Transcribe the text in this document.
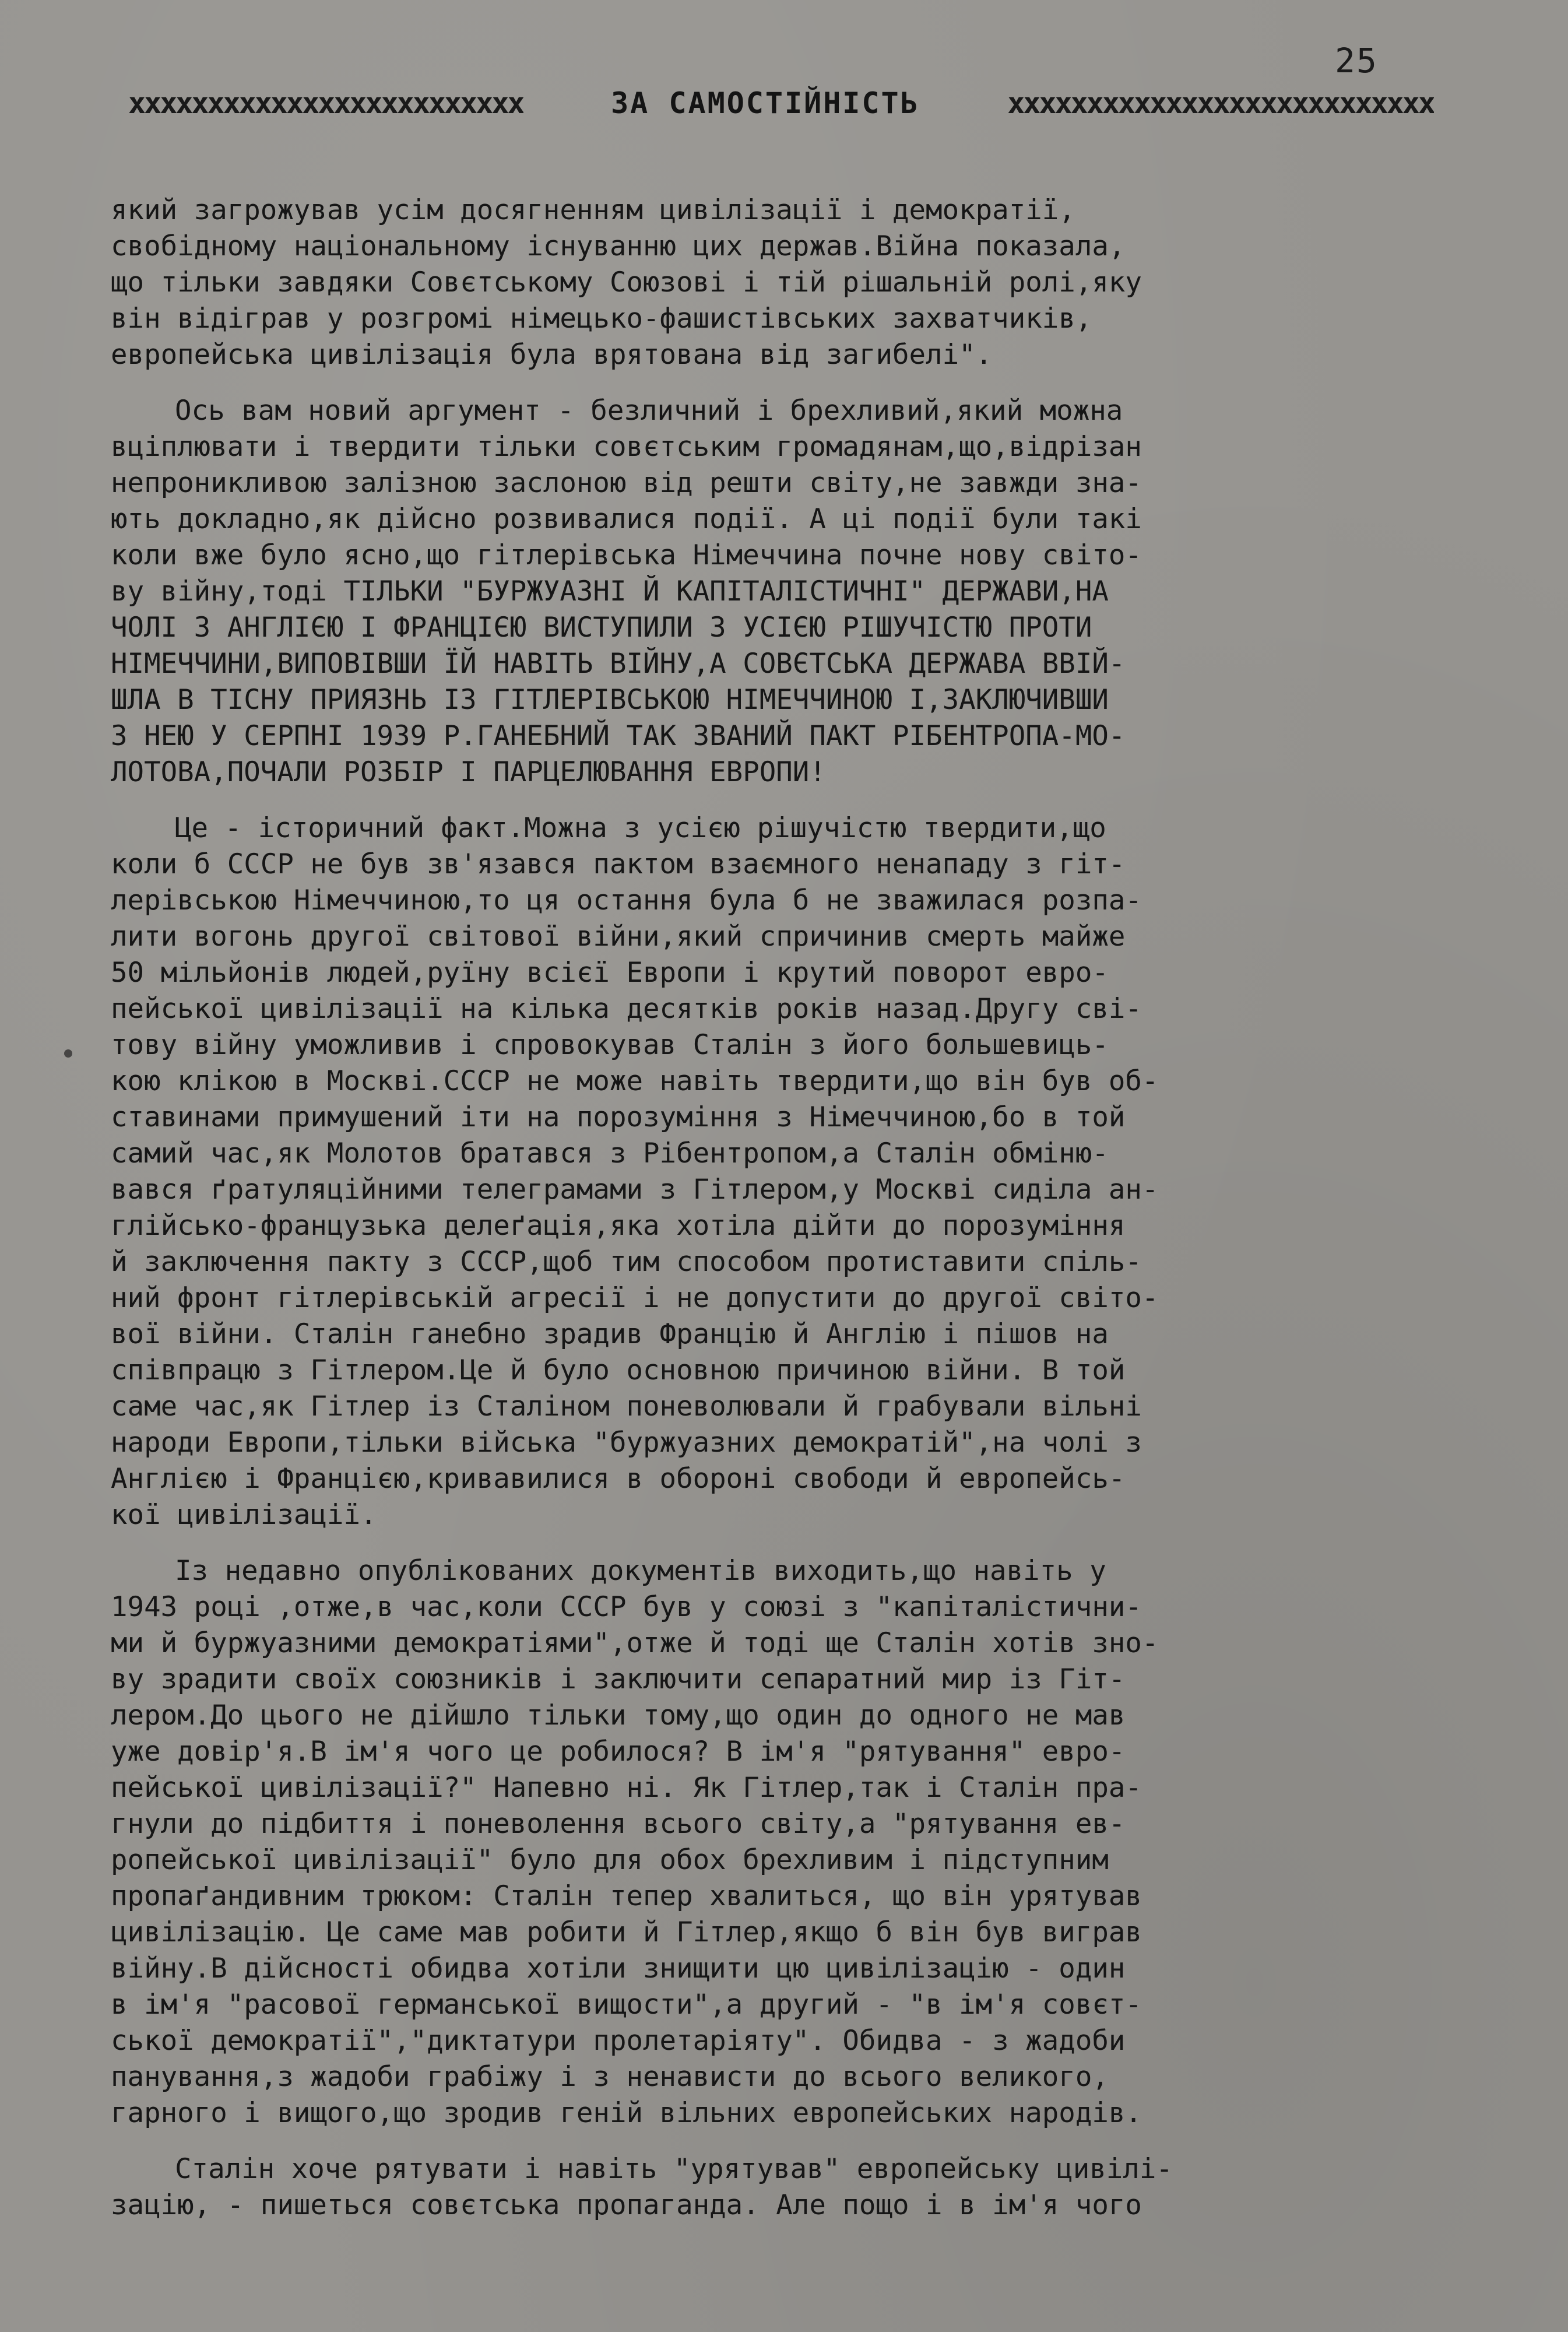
25
xxxxxxxxxxxxxxxxxxxxxxxxx	ЗА САМОСТІЙНІСТЬ	xxxxxxxxxxxxxxxxxxxxxxxxxxx
який загрожував усім досягненням цивілізації і демократії,
свобідному національному існуванню цих держав.Війна показала,
що тільки завдяки Совєтському Союзові і тій рішальній ролі,яку
він відіграв у розгромі німецько-фашистівських захватчиків,
европейська цивілізація була врятована від загибелі".
Ось вам новий аргумент - безличний і брехливий,який можна
вціплювати і твердити тільки совєтським громадянам,що,відрізан
непроникливою залізною заслоною від решти світу,не завжди зна-
ють докладно,як дійсно розвивалися події. А ці події були такі
коли вже було ясно,що гітлерівська Німеччина почне нову світо-
ву війну,тоді ТІЛЬКИ "БУРЖУАЗНІ Й КАПІТАЛІСТИЧНІ" ДЕРЖАВИ,НА
ЧОЛІ З АНГЛІЄЮ І ФРАНЦІЄЮ ВИСТУПИЛИ З УСІЄЮ РІШУЧІСТЮ ПРОТИ
НІМЕЧЧИНИ,ВИПОВІВШИ ЇЙ НАВІТЬ ВІЙНУ,А СОВЄТСЬКА ДЕРЖАВА ВВІЙ-
ШЛА В ТІСНУ ПРИЯЗНЬ ІЗ ГІТЛЕРІВСЬКОЮ НІМЕЧЧИНОЮ І,ЗАКЛЮЧИВШИ
З НЕЮ У СЕРПНІ 1939 Р.ГАНЕБНИЙ ТАК ЗВАНИЙ ПАКТ РІБЕНТРОПА-МО-
ЛОТОВА,ПОЧАЛИ РОЗБІР І ПАРЦЕЛЮВАННЯ ЕВРОПИ!
Це - історичний факт.Можна з усією рішучістю твердити,що
коли б СССР не був зв'язався пактом взаємного ненападу з гіт-
лерівською Німеччиною,то ця остання була б не зважилася розпа-
лити вогонь другої світової війни,який спричинив смерть майже
50 мільйонів людей,руїну всієї Европи і крутий поворот евро-
пейської цивілізації на кілька десятків років назад.Другу сві-
тову війну уможливив і спровокував Сталін з його большевиць-
кою клікою в Москві.СССР не може навіть твердити,що він був об-
ставинами примушений іти на порозуміння з Німеччиною,бо в той
самий час,як Молотов братався з Рібентропом,а Сталін обміню-
вався ґратуляційними телеграмами з Гітлером,у Москві сиділа ан-
глійсько-французька делеґація,яка хотіла дійти до порозуміння
й заключення пакту з СССР,щоб тим способом протиставити спіль-
ний фронт гітлерівській агресії і не допустити до другої світо-
вої війни. Сталін ганебно зрадив Францію й Англію і пішов на
співпрацю з Гітлером.Це й було основною причиною війни. В той
саме час,як Гітлер із Сталіном поневолювали й грабували вільні
народи Европи,тільки війська "буржуазних демократій",на чолі з
Англією і Францією,кривавилися в обороні свободи й европейсь-
кої цивілізації.
Із недавно опублікованих документів виходить,що навіть у
1943 році ,отже,в час,коли СССР був у союзі з "капіталістични-
ми й буржуазними демократіями",отже й тоді ще Сталін хотів зно-
ву зрадити своїх союзників і заключити сепаратний мир із Гіт-
лером.До цього не дійшло тільки тому,що один до одного не мав
уже довір'я.В ім'я чого це робилося? В ім'я "рятування" евро-
пейської цивілізації?" Напевно ні. Як Гітлер,так і Сталін пра-
гнули до підбиття і поневолення всього світу,а "рятування ев-
ропейської цивілізації" було для обох брехливим і підступним
пропаґандивним трюком: Сталін тепер хвалиться, що він урятував
цивілізацію. Це саме мав робити й Гітлер,якщо б він був виграв
війну.В дійсності обидва хотіли знищити цю цивілізацію - один
в ім'я "расової германської вищости",а другий - "в ім'я совєт-
ської демократії","диктатури пролетаріяту". Обидва - з жадоби
панування,з жадоби грабіжу і з ненависти до всього великого,
гарного і вищого,що зродив геній вільних европейських народів.
Сталін хоче рятувати і навіть "урятував" европейську цивілі-
зацію, - пишеться совєтська пропаганда. Але пощо і в ім'я чого
